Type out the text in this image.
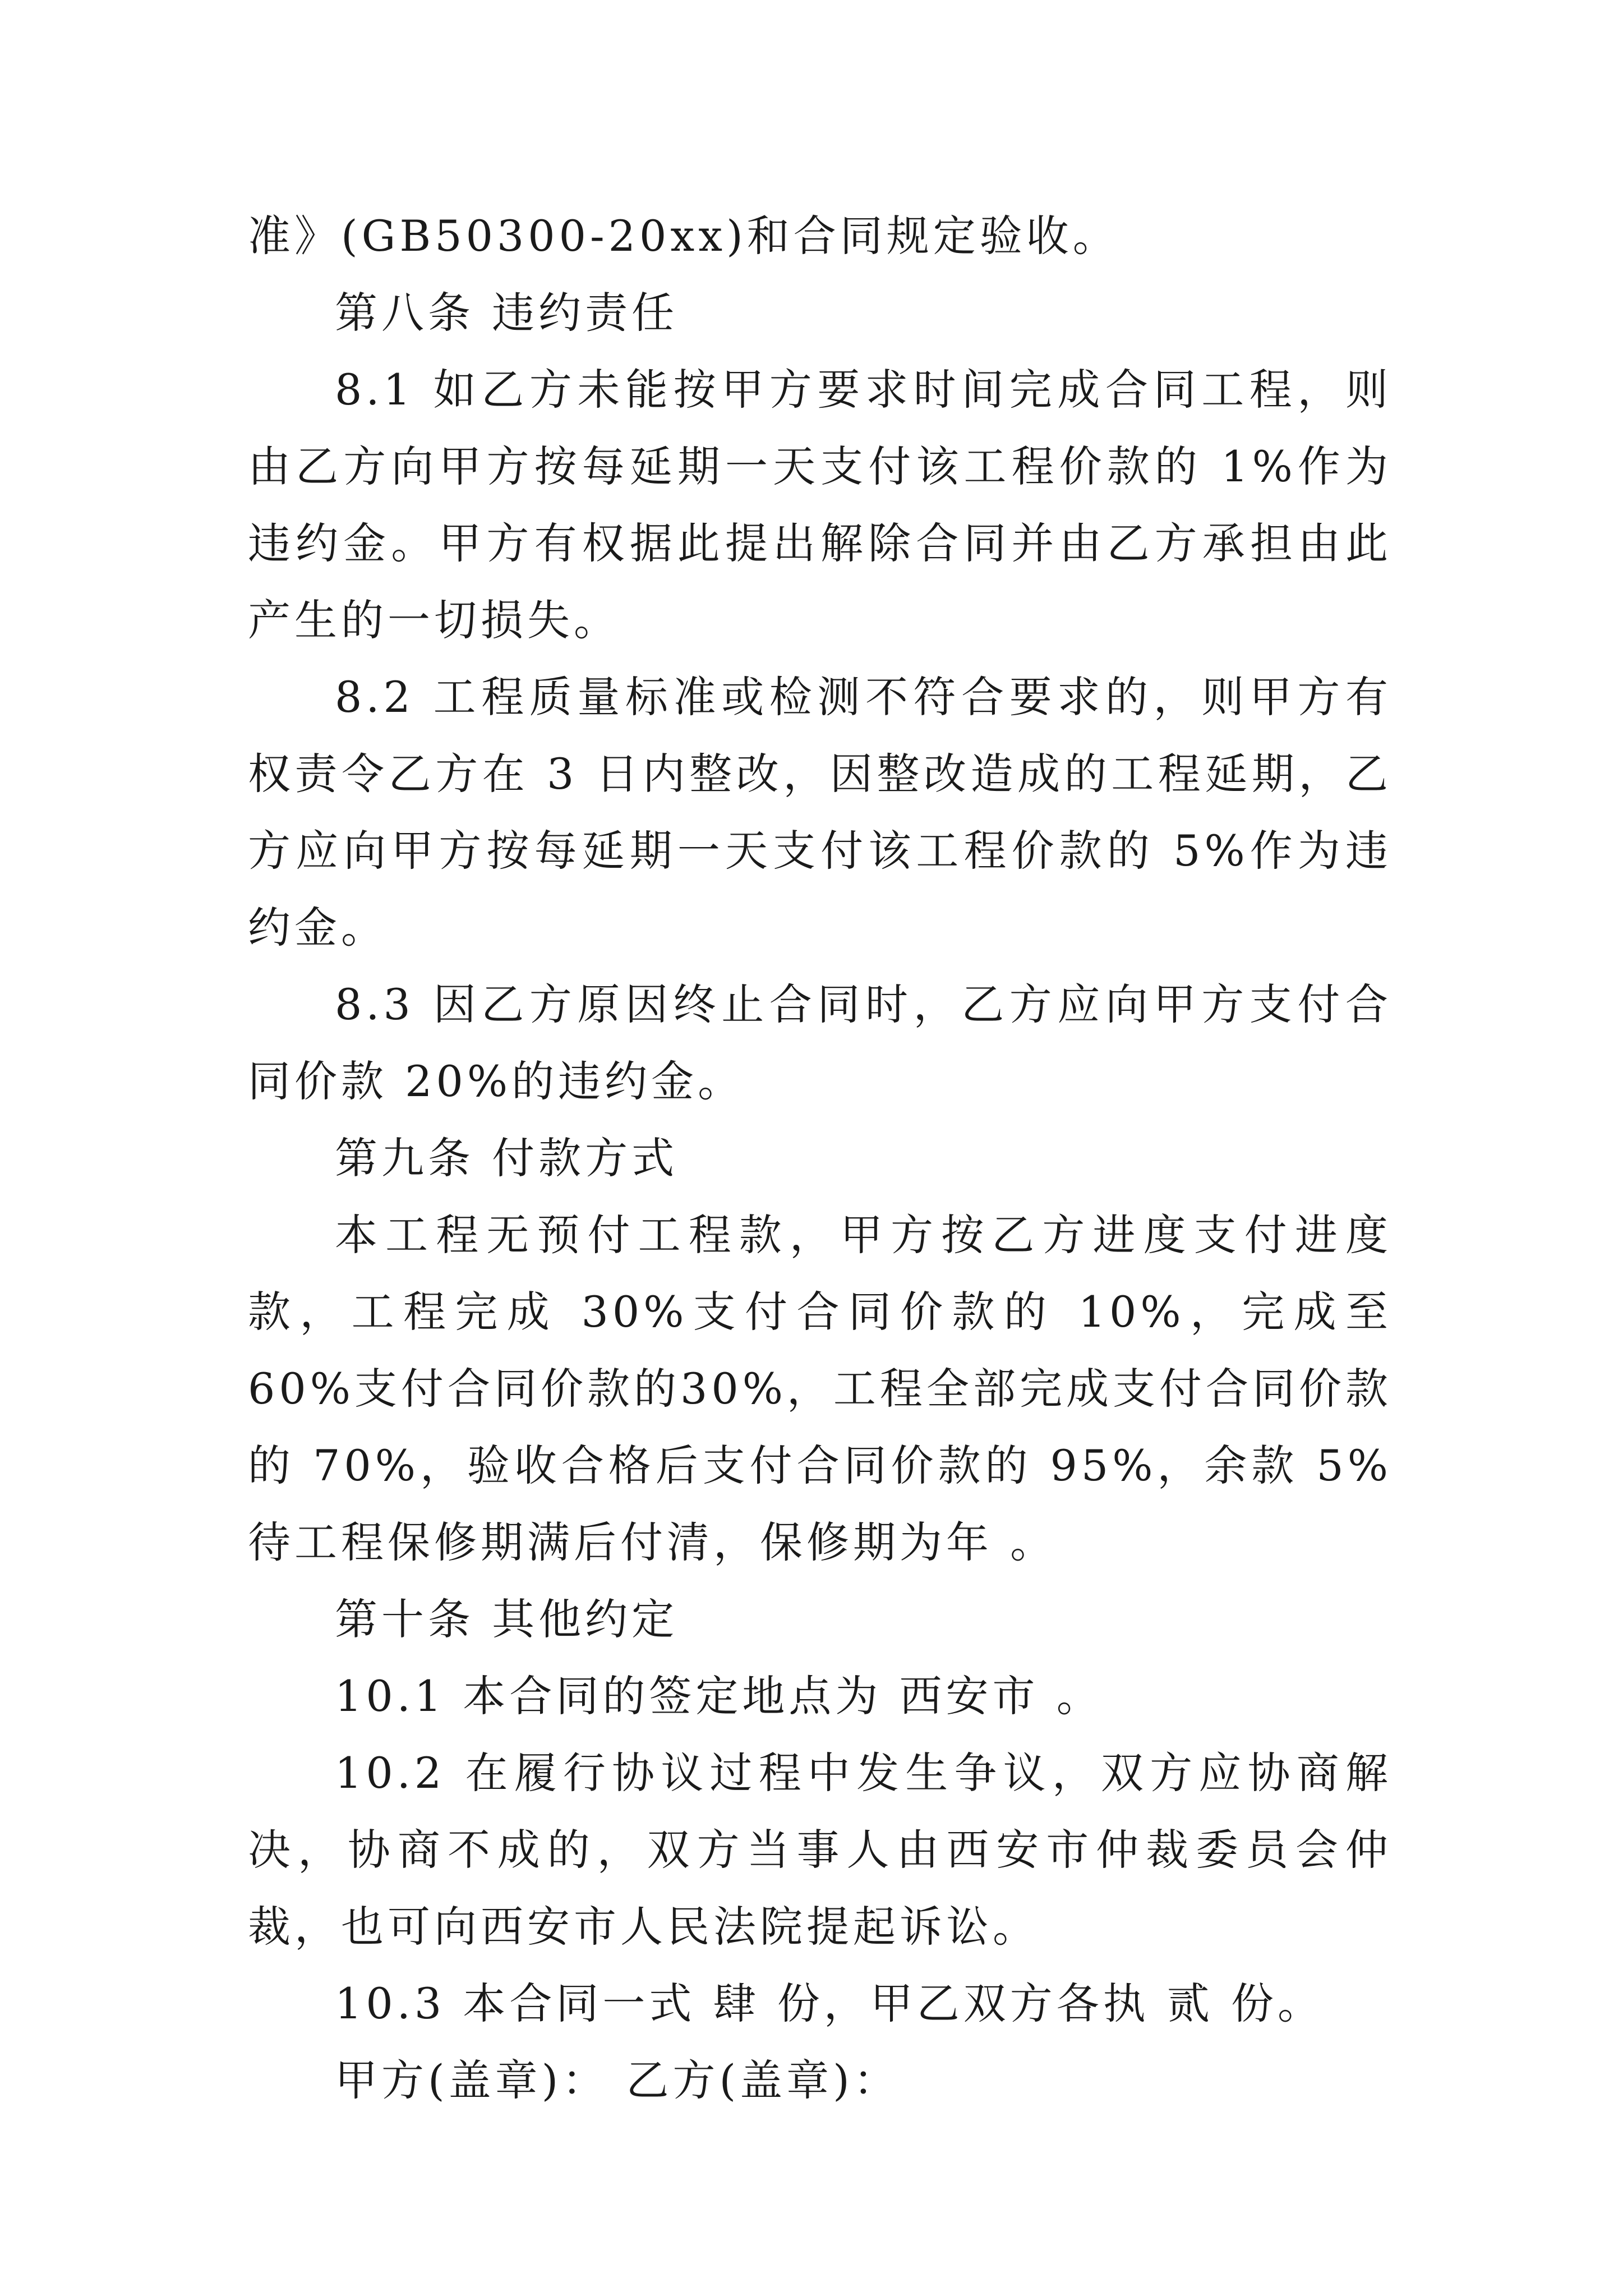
准》(GB50300-20xx)和合同规定验收。

第八条 违约责任

8.1 如乙方未能按甲方要求时间完成合同工程，则由乙方向甲方按每延期一天支付该工程价款的 1%作为违约金。甲方有权据此提出解除合同并由乙方承担由此产生的一切损失。

8.2 工程质量标准或检测不符合要求的，则甲方有权责令乙方在 3 日内整改，因整改造成的工程延期，乙方应向甲方按每延期一天支付该工程价款的 5%作为违约金。

8.3 因乙方原因终止合同时，乙方应向甲方支付合同价款 20%的违约金。

第九条 付款方式

本工程无预付工程款，甲方按乙方进度支付进度款，工程完成 30%支付合同价款的 10%，完成至 60%支付合同价款的30%，工程全部完成支付合同价款的 70%，验收合格后支付合同价款的 95%，余款 5%待工程保修期满后付清，保修期为年 。

第十条 其他约定

10.1 本合同的签定地点为 西安市 。

10.2 在履行协议过程中发生争议，双方应协商解决，协商不成的，双方当事人由西安市仲裁委员会仲裁，也可向西安市人民法院提起诉讼。

10.3 本合同一式 肆 份，甲乙双方各执 贰 份。

甲方(盖章)： 乙方(盖章)：
